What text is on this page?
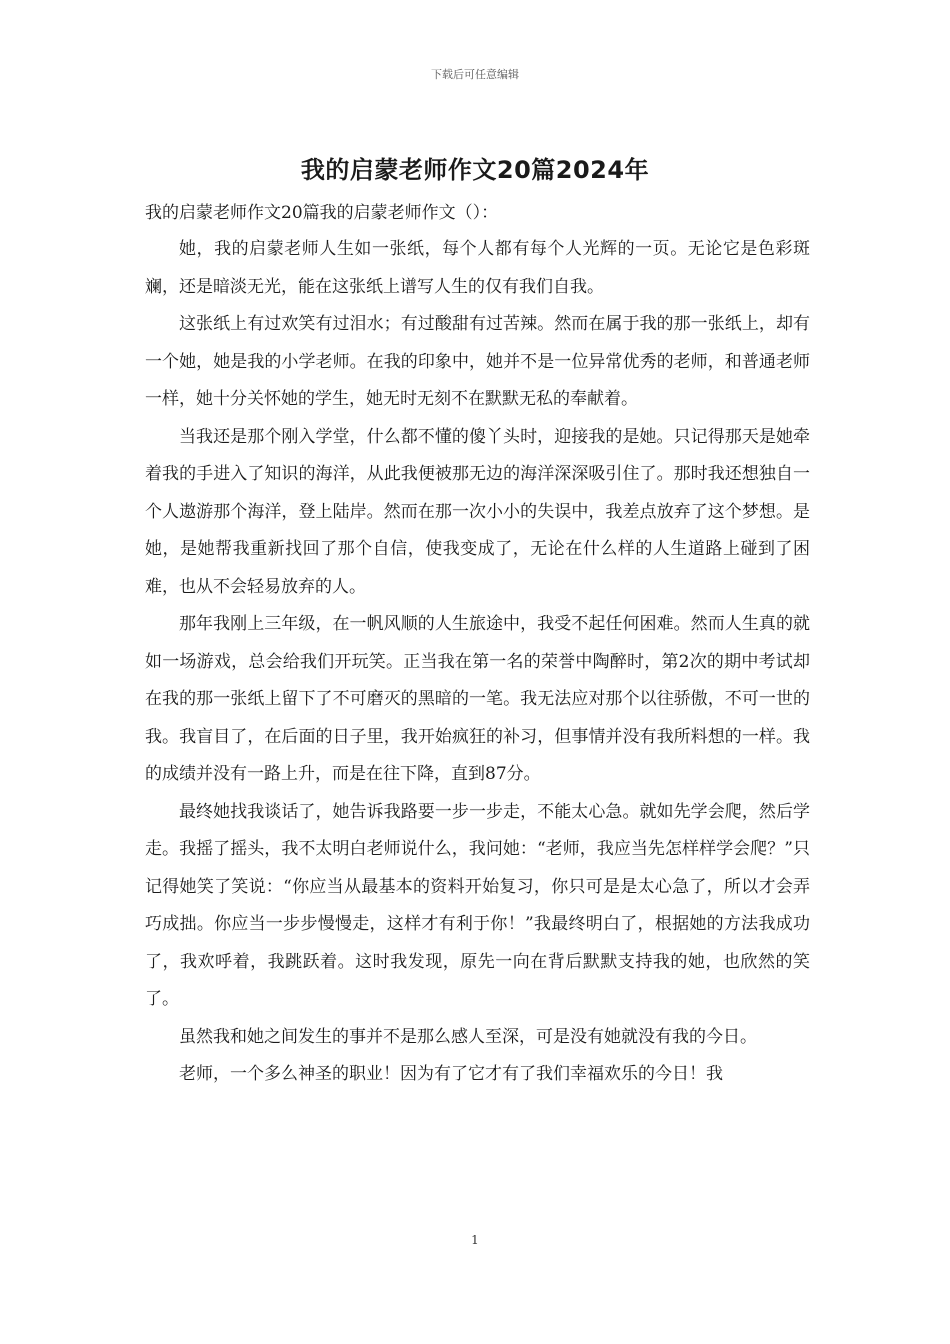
下载后可任意编辑
我的启蒙老师作文20篇2024年

我的启蒙老师作文20篇我的启蒙老师作文（）：

她，我的启蒙老师人生如一张纸，每个人都有每个人光辉的一页。无论它是色彩斑斓，还是暗淡无光，能在这张纸上谱写人生的仅有我们自我。

这张纸上有过欢笑有过泪水；有过酸甜有过苦辣。然而在属于我的那一张纸上，却有一个她，她是我的小学老师。在我的印象中，她并不是一位异常优秀的老师，和普通老师一样，她十分关怀她的学生，她无时无刻不在默默无私的奉献着。

当我还是那个刚入学堂，什么都不懂的傻丫头时，迎接我的是她。只记得那天是她牵着我的手进入了知识的海洋，从此我便被那无边的海洋深深吸引住了。那时我还想独自一个人遨游那个海洋，登上陆岸。然而在那一次小小的失误中，我差点放弃了这个梦想。是她，是她帮我重新找回了那个自信，使我变成了，无论在什么样的人生道路上碰到了困难，也从不会轻易放弃的人。

那年我刚上三年级，在一帆风顺的人生旅途中，我受不起任何困难。然而人生真的就如一场游戏，总会给我们开玩笑。正当我在第一名的荣誉中陶醉时，第2次的期中考试却在我的那一张纸上留下了不可磨灭的黑暗的一笔。我无法应对那个以往骄傲，不可一世的我。我盲目了，在后面的日子里，我开始疯狂的补习，但事情并没有我所料想的一样。我的成绩并没有一路上升，而是在往下降，直到87分。

最终她找我谈话了，她告诉我路要一步一步走，不能太心急。就如先学会爬，然后学走。我摇了摇头，我不太明白老师说什么，我问她：“老师，我应当先怎样样学会爬？”只记得她笑了笑说：“你应当从最基本的资料开始复习，你只可是是太心急了，所以才会弄巧成拙。你应当一步步慢慢走，这样才有利于你！”我最终明白了，根据她的方法我成功了，我欢呼着，我跳跃着。这时我发现，原先一向在背后默默支持我的她，也欣然的笑了。

虽然我和她之间发生的事并不是那么感人至深，可是没有她就没有我的今日。

老师，一个多么神圣的职业！因为有了它才有了我们幸福欢乐的今日！我

1
